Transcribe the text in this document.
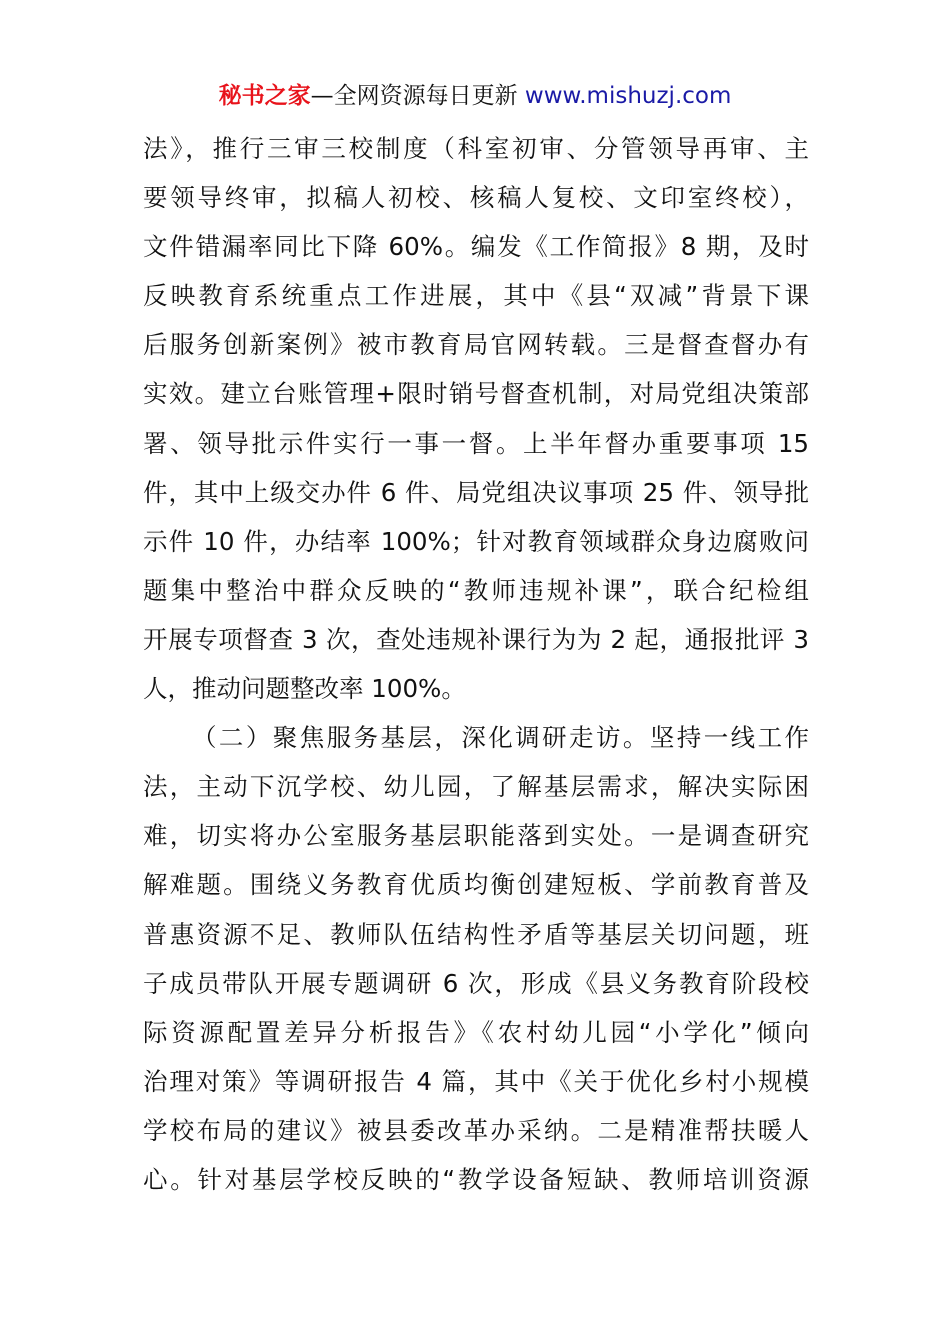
秘书之家—全网资源每日更新 www.mishuzj.com
法》，推行三审三校制度（科室初审、分管领导再审、主
要领导终审，拟稿人初校、核稿人复校、文印室终校），
文件错漏率同比下降 60%。编发《工作简报》8 期，及时
反映教育系统重点工作进展，其中《县“双减”背景下课
后服务创新案例》被市教育局官网转载。三是督查督办有
实效。建立台账管理+限时销号督查机制，对局党组决策部
署、领导批示件实行一事一督。上半年督办重要事项 15
件，其中上级交办件 6 件、局党组决议事项 25 件、领导批
示件 10 件，办结率 100%；针对教育领域群众身边腐败问
题集中整治中群众反映的“教师违规补课”，联合纪检组
开展专项督查 3 次，查处违规补课行为为 2 起，通报批评 3
人，推动问题整改率 100%。
（二）聚焦服务基层，深化调研走访。坚持一线工作
法，主动下沉学校、幼儿园，了解基层需求，解决实际困
难，切实将办公室服务基层职能落到实处。一是调查研究
解难题。围绕义务教育优质均衡创建短板、学前教育普及
普惠资源不足、教师队伍结构性矛盾等基层关切问题，班
子成员带队开展专题调研 6 次，形成《县义务教育阶段校
际资源配置差异分析报告》《农村幼儿园“小学化”倾向
治理对策》等调研报告 4 篇，其中《关于优化乡村小规模
学校布局的建议》被县委改革办采纳。二是精准帮扶暖人
心。针对基层学校反映的“教学设备短缺、教师培训资源
